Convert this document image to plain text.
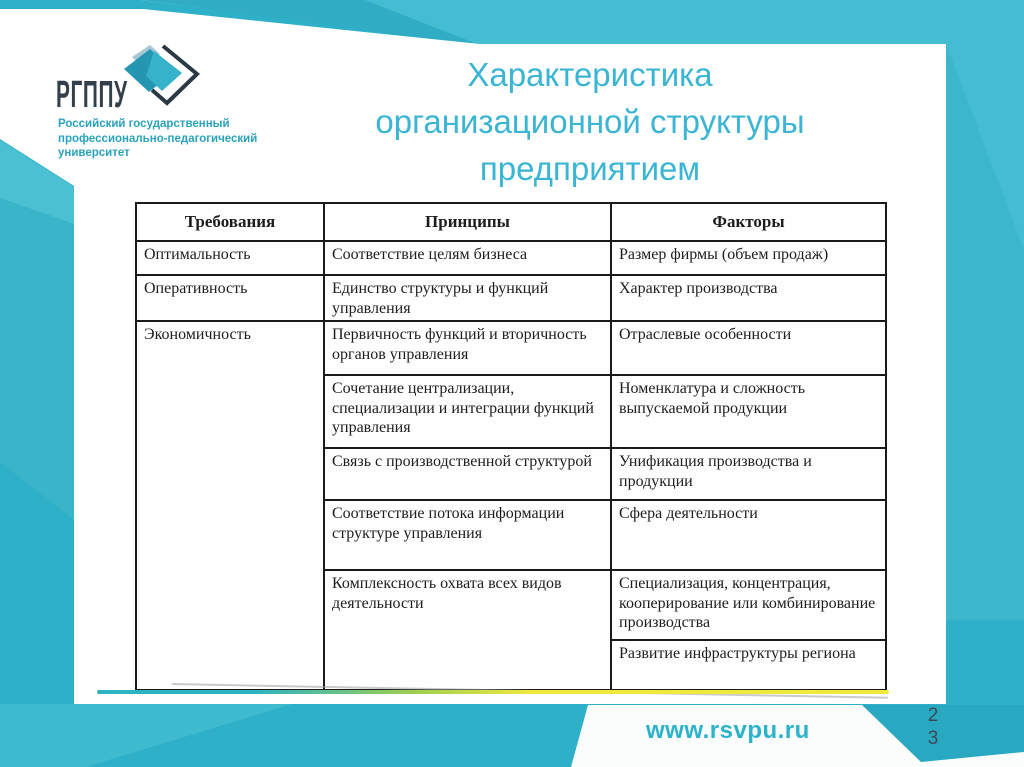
РГППУ
Российский государственный
профессионально-педагогический
университет
Характеристика
организационной структуры
предприятием
Требования	Принципы	Факторы
Оптимальность	Соответствие целям бизнеса	Размер фирмы (объем продаж)
Оперативность	Единство структуры и функций управления	Характер производства
Экономичность	Первичность функций и вторичность органов управления	Отраслевые особенности
	Сочетание централизации, специализации и интеграции функций управления	Номенклатура и сложность выпускаемой продукции
	Связь с производственной структурой	Унификация производства и продукции
	Соответствие потока информации структуре управления	Сфера деятельности
	Комплексность охвата всех видов деятельности	Специализация, концентрация, кооперирование или комбинирование производства
		Развитие инфраструктуры региона
www.rsvpu.ru
2
3
